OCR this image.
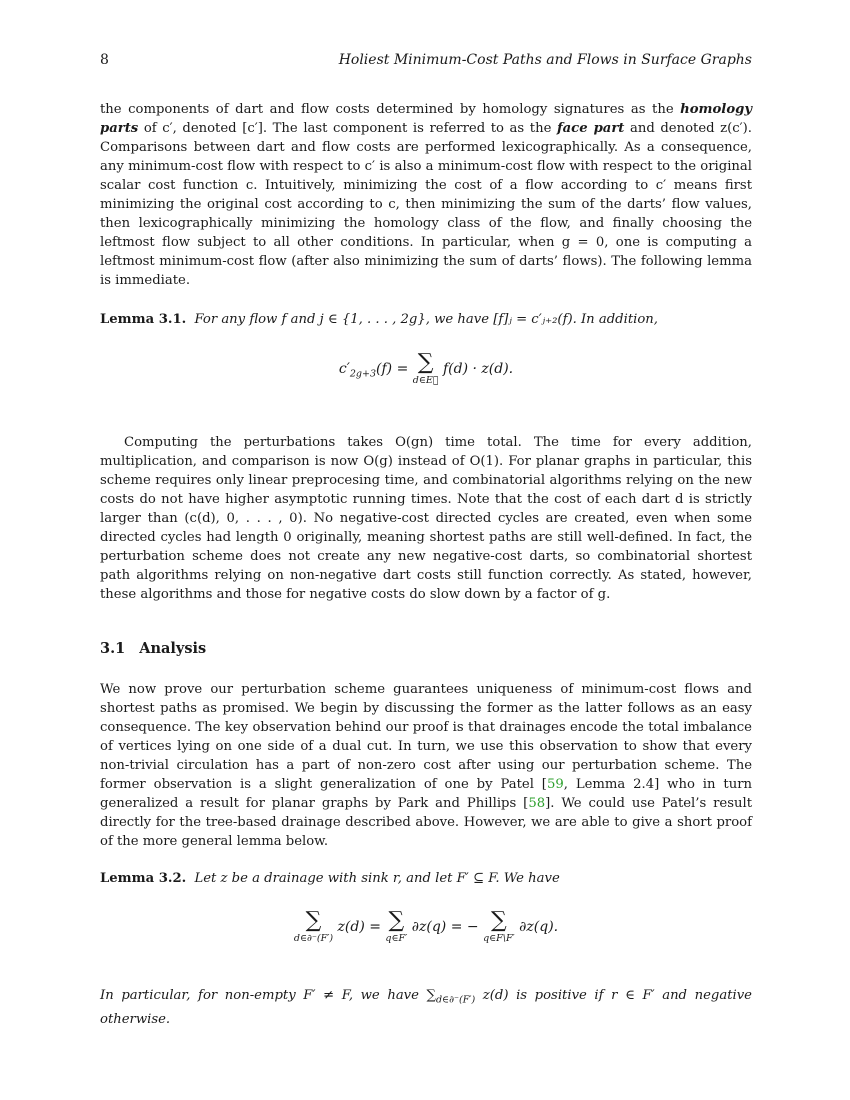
8	Holiest Minimum-Cost Paths and Flows in Surface Graphs

the components of dart and flow costs determined by homology signatures as the homology parts of c′, denoted [c′]. The last component is referred to as the face part and denoted z(c′). Comparisons between dart and flow costs are performed lexicographically. As a consequence, any minimum-cost flow with respect to c′ is also a minimum-cost flow with respect to the original scalar cost function c. Intuitively, minimizing the cost of a flow according to c′ means first minimizing the original cost according to c, then minimizing the sum of the darts’ flow values, then lexicographically minimizing the homology class of the flow, and finally choosing the leftmost flow subject to all other conditions. In particular, when g = 0, one is computing a leftmost minimum-cost flow (after also minimizing the sum of darts’ flows). The following lemma is immediate.

Lemma 3.1. For any flow f and j ∈ {1, . . . , 2g}, we have [f]ⱼ = c′ⱼ₊₂(f). In addition,

$c'_{2g+3}(f)$ = ∑
d∈E⃗
f(d) · z(d).

Computing the perturbations takes O(gn) time total. The time for every addition, multiplication, and comparison is now O(g) instead of O(1). For planar graphs in particular, this scheme requires only linear preprocesing time, and combinatorial algorithms relying on the new costs do not have higher asymptotic running times. Note that the cost of each dart d is strictly larger than (c(d), 0, . . . , 0). No negative-cost directed cycles are created, even when some directed cycles had length 0 originally, meaning shortest paths are still well-defined. In fact, the perturbation scheme does not create any new negative-cost darts, so combinatorial shortest path algorithms relying on non-negative dart costs still function correctly. As stated, however, these algorithms and those for negative costs do slow down by a factor of g.

3.1 Analysis

We now prove our perturbation scheme guarantees uniqueness of minimum-cost flows and shortest paths as promised. We begin by discussing the former as the latter follows as an easy consequence. The key observation behind our proof is that drainages encode the total imbalance of vertices lying on one side of a dual cut. In turn, we use this observation to show that every non-trivial circulation has a part of non-zero cost after using our perturbation scheme. The former observation is a slight generalization of one by Patel [59, Lemma 2.4] who in turn generalized a result for planar graphs by Park and Phillips [58]. We could use Patel’s result directly for the tree-based drainage described above. However, we are able to give a short proof of the more general lemma below.

Lemma 3.2. Let z be a drainage with sink r, and let F′ ⊆ F. We have

∑
d∈∂⁻(F′)
z(d) = ∑
q∈F′
∂z(q) = − ∑
q∈F\F′
∂z(q).

In particular, for non-empty F′ ≠ F, we have $\sum_{d\in\partial^-(F')}$ z(d) is positive if r ∈ F′ and negative otherwise.
